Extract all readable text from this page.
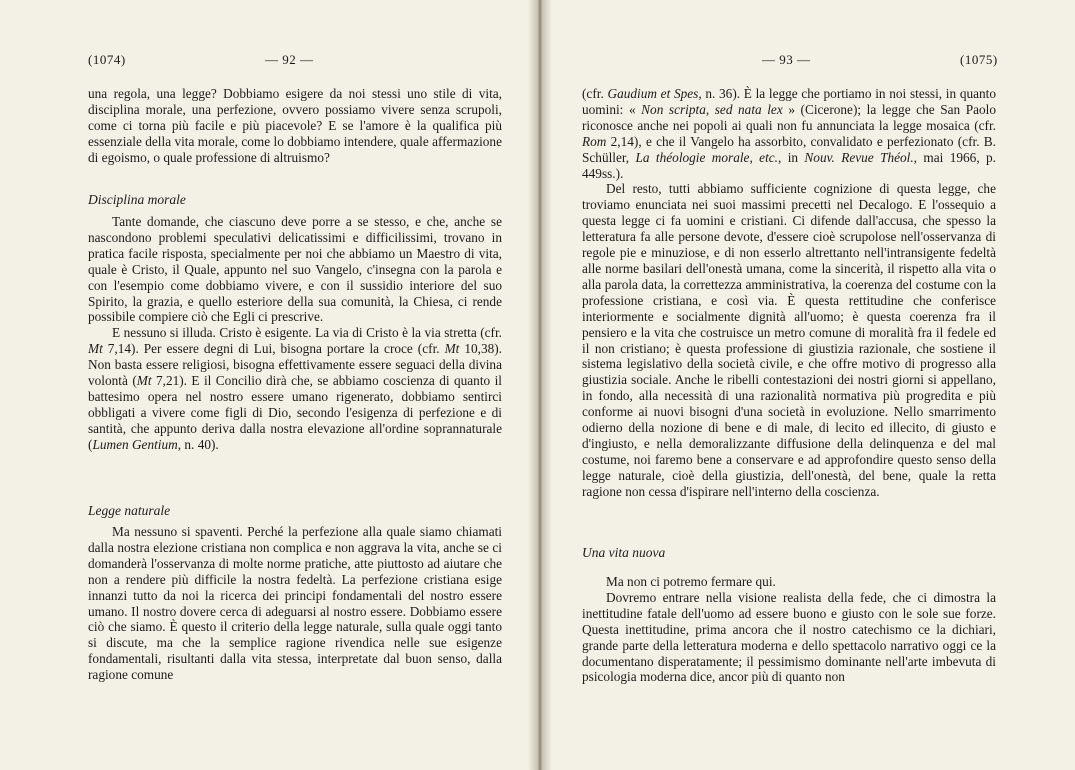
(1074)	— 92 —

una regola, una legge? Dobbiamo esigere da noi stessi uno stile di vita, disciplina morale, una perfezione, ovvero possiamo vivere senza scrupoli, come ci torna più facile e più piacevole? E se l'amore è la qualifica più essenziale della vita morale, come lo dobbiamo intendere, quale affermazione di egoismo, o quale professione di altruismo?

Disciplina morale

Tante domande, che ciascuno deve porre a se stesso, e che, anche se nascondono problemi speculativi delicatissimi e difficilissimi, trovano in pratica facile risposta, specialmente per noi che abbiamo un Maestro di vita, quale è Cristo, il Quale, appunto nel suo Vangelo, c'insegna con la parola e con l'esempio come dobbiamo vivere, e con il sussidio interiore del suo Spirito, la grazia, e quello esteriore della sua comunità, la Chiesa, ci rende possibile compiere ciò che Egli ci prescrive.

E nessuno si illuda. Cristo è esigente. La via di Cristo è la via stretta (cfr. Mt 7,14). Per essere degni di Lui, bisogna portare la croce (cfr. Mt 10,38). Non basta essere religiosi, bisogna effettivamente essere seguaci della divina volontà (Mt 7,21). E il Concilio dirà che, se abbiamo coscienza di quanto il battesimo opera nel nostro essere umano rigenerato, dobbiamo sentirci obbligati a vivere come figli di Dio, secondo l'esigenza di perfezione e di santità, che appunto deriva dalla nostra elevazione all'ordine soprannaturale (Lumen Gentium, n. 40).

Legge naturale

Ma nessuno si spaventi. Perché la perfezione alla quale siamo chiamati dalla nostra elezione cristiana non complica e non aggrava la vita, anche se ci domanderà l'osservanza di molte norme pratiche, atte piuttosto ad aiutare che non a rendere più difficile la nostra fedeltà. La perfezione cristiana esige innanzi tutto da noi la ricerca dei principi fondamentali del nostro essere umano. Il nostro dovere cerca di adeguarsi al nostro essere. Dobbiamo essere ciò che siamo. È questo il criterio della legge naturale, sulla quale oggi tanto si discute, ma che la semplice ragione rivendica nelle sue esigenze fondamentali, risultanti dalla vita stessa, interpretate dal buon senso, dalla ragione comune

— 93 —	(1075)

(cfr. Gaudium et Spes, n. 36). È la legge che portiamo in noi stessi, in quanto uomini: « Non scripta, sed nata lex » (Cicerone); la legge che San Paolo riconosce anche nei popoli ai quali non fu annunciata la legge mosaica (cfr. Rom 2,14), e che il Vangelo ha assorbito, convalidato e perfezionato (cfr. B. Schüller, La théologie morale, etc., in Nouv. Revue Théol., mai 1966, p. 449ss.).

Del resto, tutti abbiamo sufficiente cognizione di questa legge, che troviamo enunciata nei suoi massimi precetti nel Decalogo. E l'ossequio a questa legge ci fa uomini e cristiani. Ci difende dall'accusa, che spesso la letteratura fa alle persone devote, d'essere cioè scrupolose nell'osservanza di regole pie e minuziose, e di non esserlo altrettanto nell'intransigente fedeltà alle norme basilari dell'onestà umana, come la sincerità, il rispetto alla vita o alla parola data, la correttezza amministrativa, la coerenza del costume con la professione cristiana, e così via. È questa rettitudine che conferisce interiormente e socialmente dignità all'uomo; è questa coerenza fra il pensiero e la vita che costruisce un metro comune di moralità fra il fedele ed il non cristiano; è questa professione di giustizia razionale, che sostiene il sistema legislativo della società civile, e che offre motivo di progresso alla giustizia sociale. Anche le ribelli contestazioni dei nostri giorni si appellano, in fondo, alla necessità di una razionalità normativa più progredita e più conforme ai nuovi bisogni d'una società in evoluzione. Nello smarrimento odierno della nozione di bene e di male, di lecito ed illecito, di giusto e d'ingiusto, e nella demoralizzante diffusione della delinquenza e del mal costume, noi faremo bene a conservare e ad approfondire questo senso della legge naturale, cioè della giustizia, dell'onestà, del bene, quale la retta ragione non cessa d'ispirare nell'interno della coscienza.

Una vita nuova

Ma non ci potremo fermare qui.

Dovremo entrare nella visione realista della fede, che ci dimostra la inettitudine fatale dell'uomo ad essere buono e giusto con le sole sue forze. Questa inettitudine, prima ancora che il nostro catechismo ce la dichiari, grande parte della letteratura moderna e dello spettacolo narrativo oggi ce la documentano disperatamente; il pessimismo dominante nell'arte imbevuta di psicologia moderna dice, ancor più di quanto non
